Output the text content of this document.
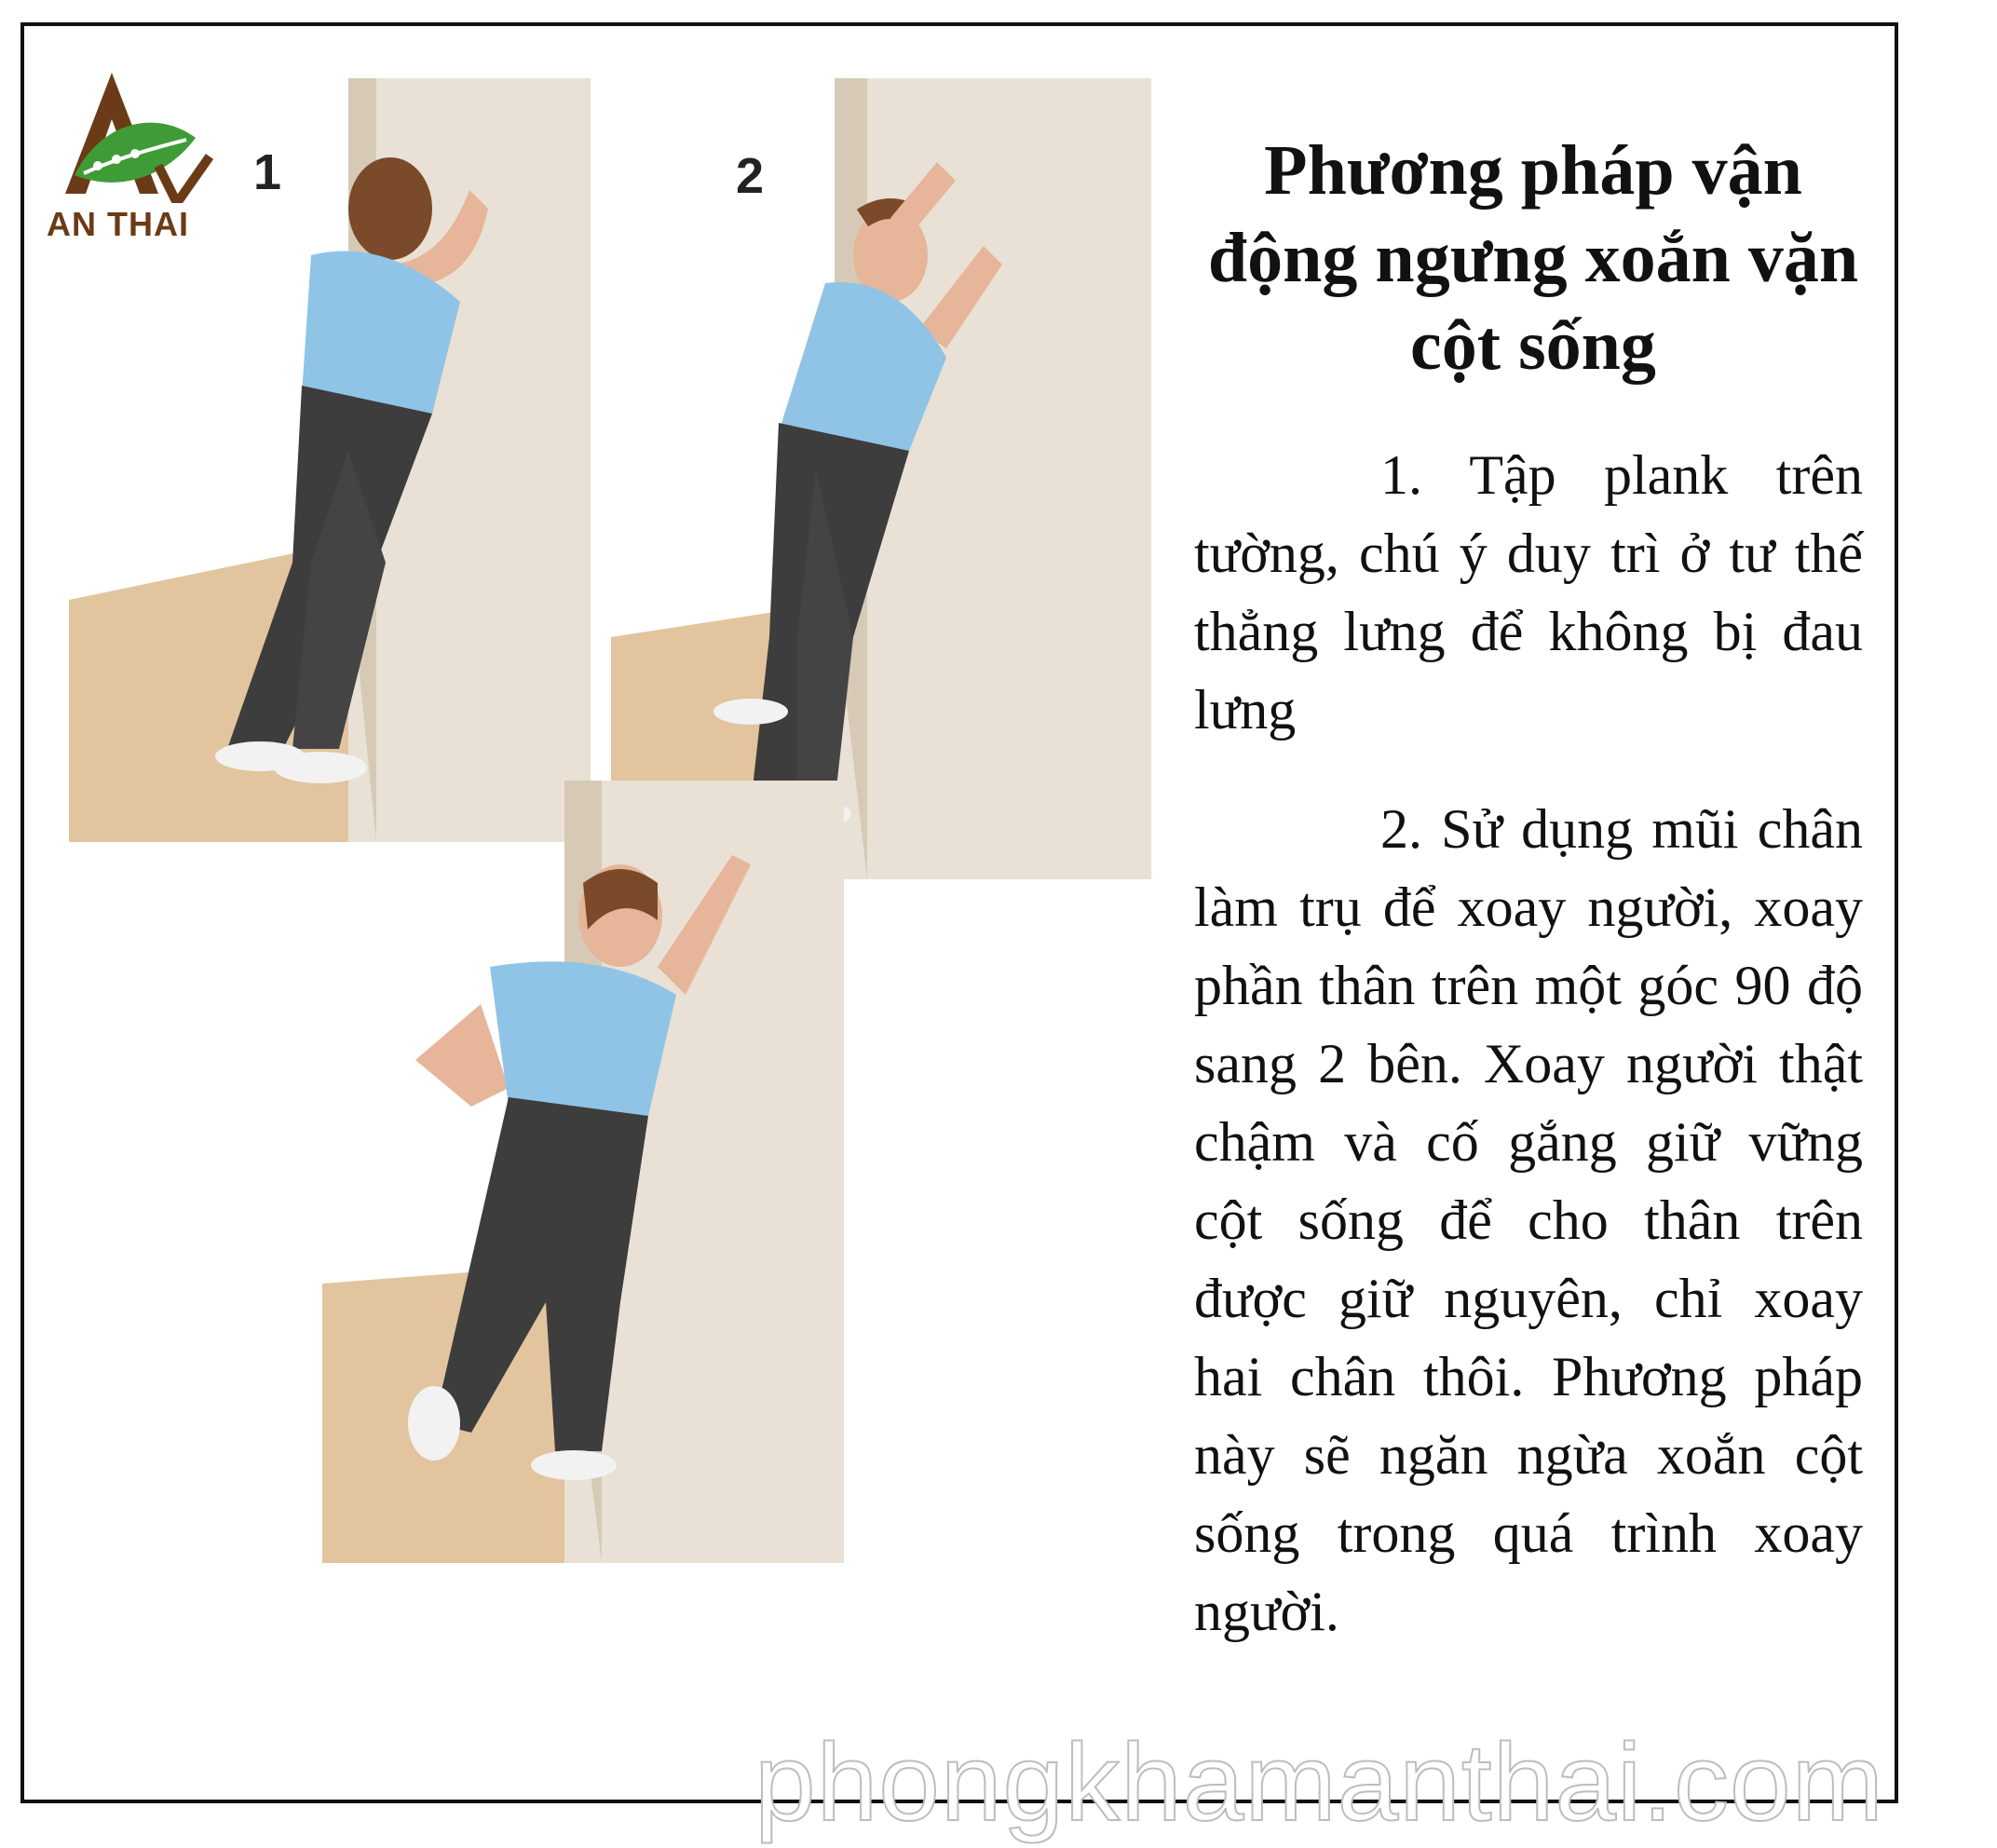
AN THAI
1	2	Phương pháp vận động ngưng xoắn vặn cột sống

1. Tập plank trên tường, chú ý duy trì ở tư thế thẳng lưng để không bị đau lưng

2. Sử dụng mũi chân làm trụ để xoay người, xoay phần thân trên một góc 90 độ sang 2 bên. Xoay người thật chậm và cố gắng giữ vững cột sống để cho thân trên được giữ nguyên, chỉ xoay hai chân thôi. Phương pháp này sẽ ngăn ngừa xoắn cột sống trong quá trình xoay người.

phongkhamanthai.com
